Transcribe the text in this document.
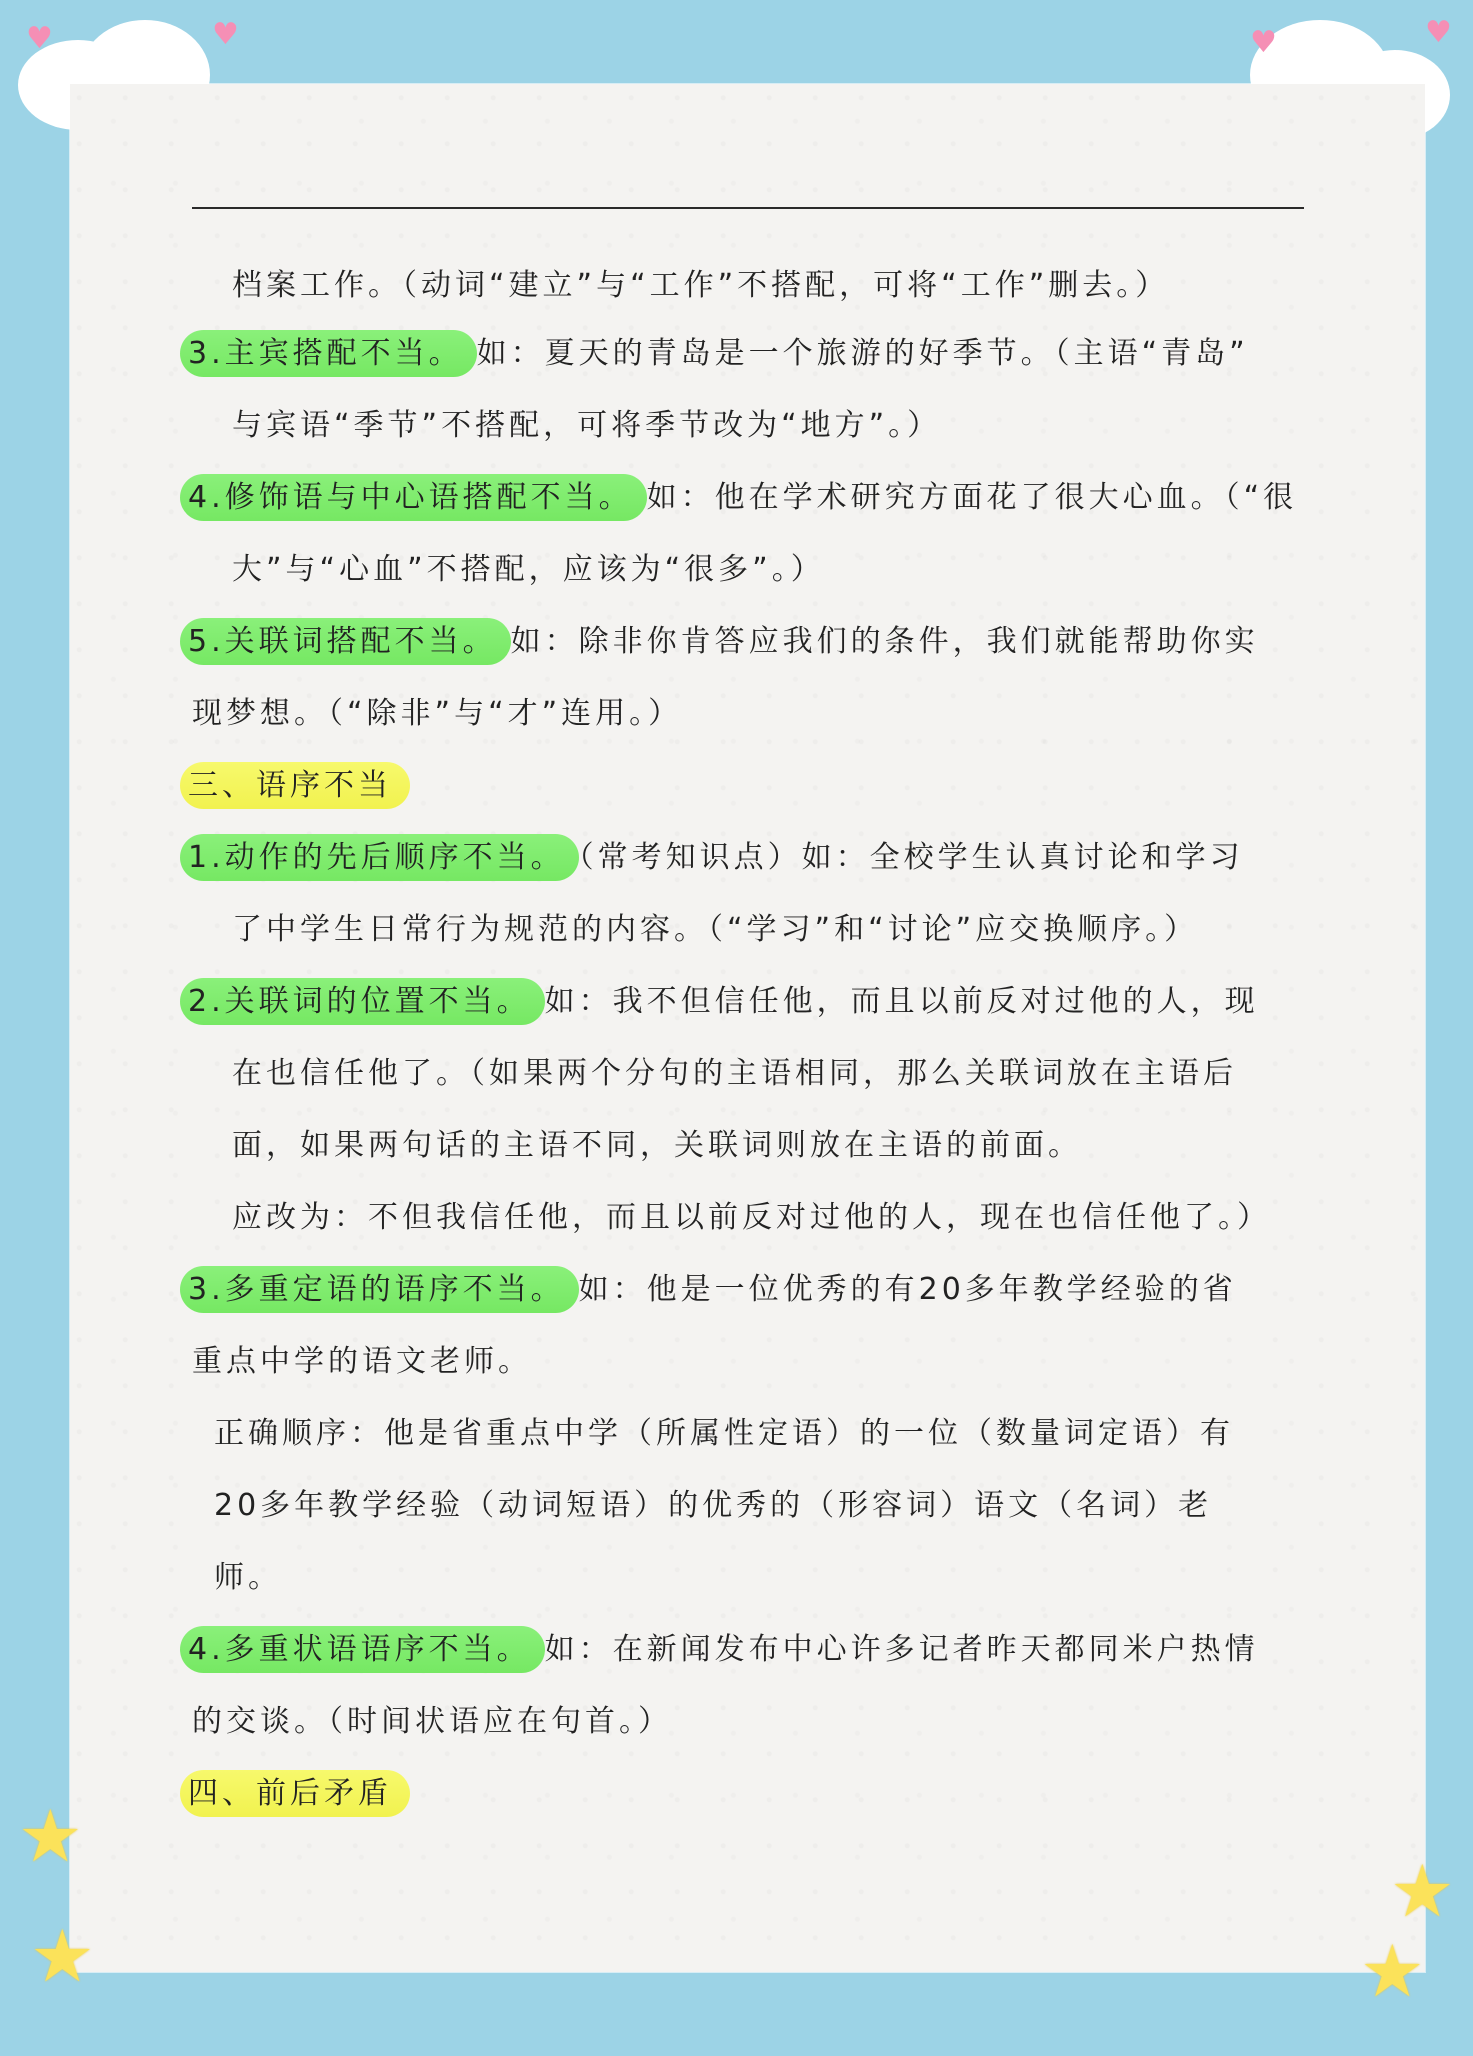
♥	♥	♥	♥
★
★
★
★
档案工作。（动词“建立”与“工作”不搭配，可将“工作”删去。）
3.主宾搭配不当。 如：夏天的青岛是一个旅游的好季节。（主语“青岛”
与宾语“季节”不搭配，可将季节改为“地方”。）
4.修饰语与中心语搭配不当。 如：他在学术研究方面花了很大心血。（“很
大”与“心血”不搭配，应该为“很多”。）
5.关联词搭配不当。 如：除非你肯答应我们的条件，我们就能帮助你实
现梦想。（“除非”与“才”连用。）
三、语序不当
1.动作的先后顺序不当。 （常考知识点）如：全校学生认真讨论和学习
了中学生日常行为规范的内容。（“学习”和“讨论”应交换顺序。）
2.关联词的位置不当。 如：我不但信任他，而且以前反对过他的人，现
在也信任他了。（如果两个分句的主语相同，那么关联词放在主语后
面，如果两句话的主语不同，关联词则放在主语的前面。
应改为：不但我信任他，而且以前反对过他的人，现在也信任他了。）
3.多重定语的语序不当。 如：他是一位优秀的有20多年教学经验的省
重点中学的语文老师。
正确顺序：他是省重点中学（所属性定语）的一位（数量词定语）有
20多年教学经验（动词短语）的优秀的（形容词）语文（名词）老
师。
4.多重状语语序不当。 如：在新闻发布中心许多记者昨天都同米户热情
的交谈。（时间状语应在句首。）
四、前后矛盾
